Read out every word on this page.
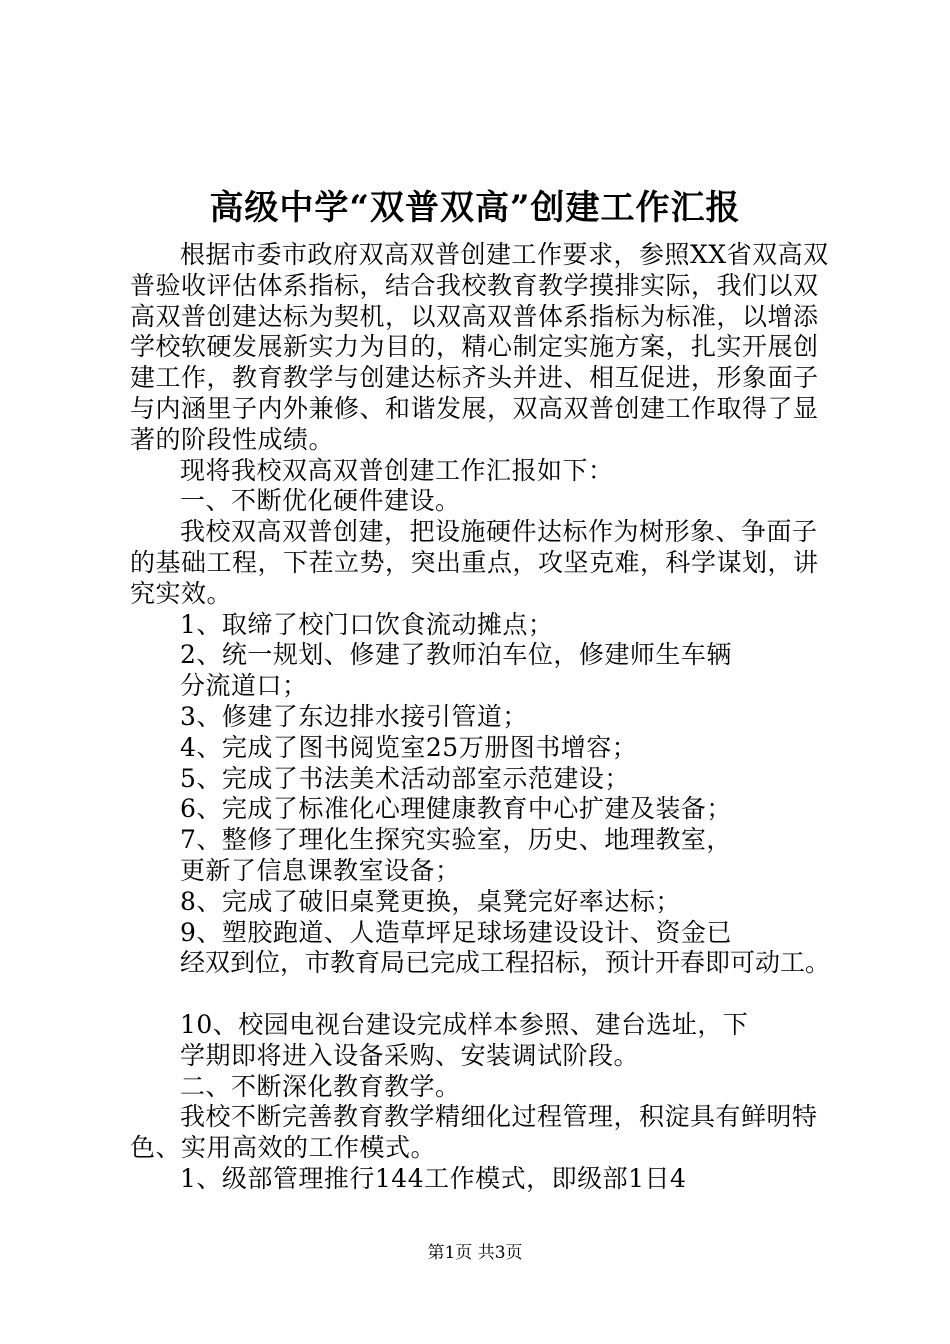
高级中学“双普双高”创建工作汇报

根据市委市政府双高双普创建工作要求，参照XX省双高双普验收评估体系指标，结合我校教育教学摸排实际，我们以双高双普创建达标为契机，以双高双普体系指标为标准，以增添学校软硬发展新实力为目的，精心制定实施方案，扎实开展创建工作，教育教学与创建达标齐头并进、相互促进，形象面子与内涵里子内外兼修、和谐发展，双高双普创建工作取得了显著的阶段性成绩。

现将我校双高双普创建工作汇报如下：

一、不断优化硬件建设。

我校双高双普创建，把设施硬件达标作为树形象、争面子的基础工程，下茬立势，突出重点，攻坚克难，科学谋划，讲究实效。

1、取缔了校门口饮食流动摊点；

2、统一规划、修建了教师泊车位，修建师生车辆

分流道口；

3、修建了东边排水接引管道；

4、完成了图书阅览室25万册图书增容；

5、完成了书法美术活动部室示范建设；

6、完成了标准化心理健康教育中心扩建及装备；

7、整修了理化生探究实验室，历史、地理教室，

更新了信息课教室设备；

8、完成了破旧桌凳更换，桌凳完好率达标；

9、塑胶跑道、人造草坪足球场建设设计、资金已

经双到位，市教育局已完成工程招标，预计开春即可动工。

10、校园电视台建设完成样本参照、建台选址，下

学期即将进入设备采购、安装调试阶段。

二、不断深化教育教学。

我校不断完善教育教学精细化过程管理，积淀具有鲜明特色、实用高效的工作模式。

1、级部管理推行144工作模式，即级部1日4

第1页 共3页
